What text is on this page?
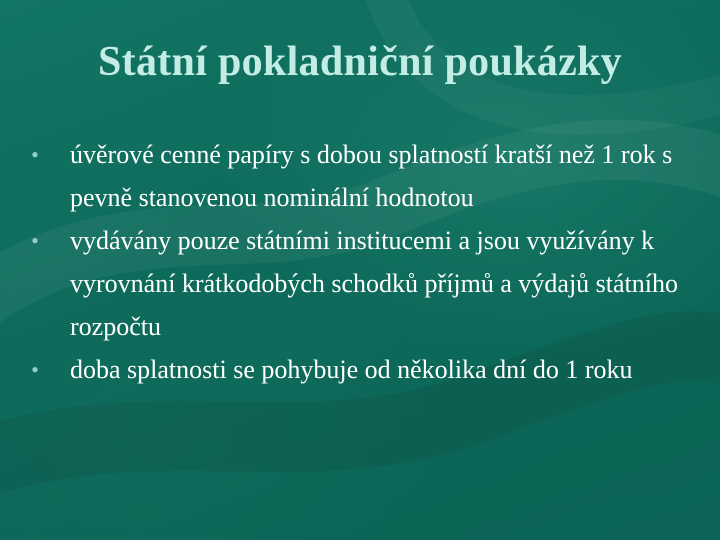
Státní pokladniční poukázky
• úvěrové cenné papíry s dobou splatností kratší než 1 rok s pevně stanovenou nominální hodnotou
• vydávány pouze státními institucemi a jsou využívány k vyrovnání krátkodobých schodků příjmů a výdajů státního rozpočtu
• doba splatnosti se pohybuje od několika dní do 1 roku
